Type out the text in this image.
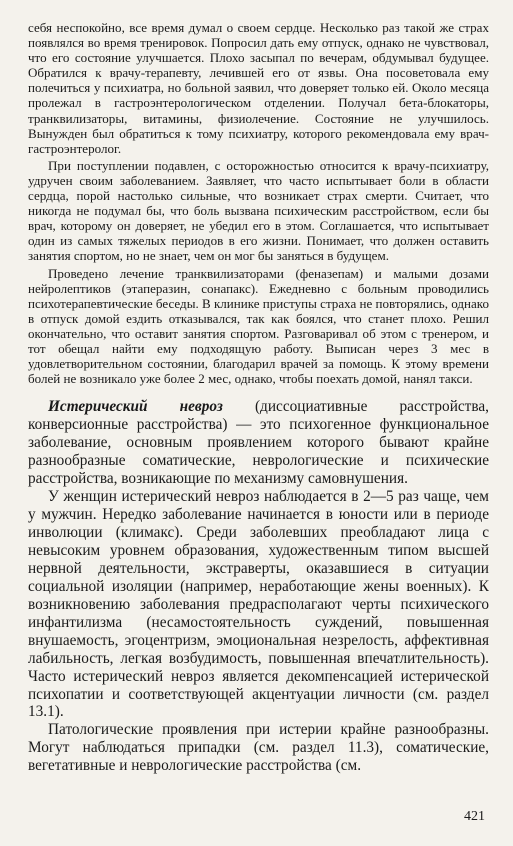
себя неспокойно, все время думал о своем сердце. Несколько раз такой же страх появлялся во время тренировок. Попросил дать ему отпуск, однако не чувствовал, что его состояние улучшается. Плохо засыпал по вечерам, обдумывал будущее. Обратился к врачу-терапевту, лечившей его от язвы. Она посоветовала ему полечиться у психиатра, но больной заявил, что доверяет только ей. Около месяца пролежал в гастроэнтерологическом отделении. Получал бета-блокаторы, транквилизаторы, витамины, физиолечение. Состояние не улучшилось. Вынужден был обратиться к тому психиатру, которого рекомендовала ему врач-гастроэнтеролог.

При поступлении подавлен, с осторожностью относится к врачу-психиатру, удручен своим заболеванием. Заявляет, что часто испытывает боли в области сердца, порой настолько сильные, что возникает страх смерти. Считает, что никогда не подумал бы, что боль вызвана психическим расстройством, если бы врач, которому он доверяет, не убедил его в этом. Соглашается, что испытывает один из самых тяжелых периодов в его жизни. Понимает, что должен оставить занятия спортом, но не знает, чем он мог бы заняться в будущем.

Проведено лечение транквилизаторами (феназепам) и малыми дозами нейролептиков (этаперазин, сонапакс). Ежедневно с больным проводились психотерапевтические беседы. В клинике приступы страха не повторялись, однако в отпуск домой ездить отказывался, так как боялся, что станет плохо. Решил окончательно, что оставит занятия спортом. Разговаривал об этом с тренером, и тот обещал найти ему подходящую работу. Выписан через 3 мес в удовлетворительном состоянии, благодарил врачей за помощь. К этому времени болей не возникало уже более 2 мес, однако, чтобы поехать домой, нанял такси.

Истерический невроз (диссоциативные расстройства, конверсионные расстройства) — это психогенное функциональное заболевание, основным проявлением которого бывают крайне разнообразные соматические, неврологические и психические расстройства, возникающие по механизму самовнушения.

У женщин истерический невроз наблюдается в 2—5 раз чаще, чем у мужчин. Нередко заболевание начинается в юности или в периоде инволюции (климакс). Среди заболевших преобладают лица с невысоким уровнем образования, художественным типом высшей нервной деятельности, экстраверты, оказавшиеся в ситуации социальной изоляции (например, неработающие жены военных). К возникновению заболевания предрасполагают черты психического инфантилизма (несамостоятельность суждений, повышенная внушаемость, эгоцентризм, эмоциональная незрелость, аффективная лабильность, легкая возбудимость, повышенная впечатлительность). Часто истерический невроз является декомпенсацией истерической психопатии и соответствующей акцентуации личности (см. раздел 13.1).

Патологические проявления при истерии крайне разнообразны. Могут наблюдаться припадки (см. раздел 11.3), соматические, вегетативные и неврологические расстройства (см.

421
